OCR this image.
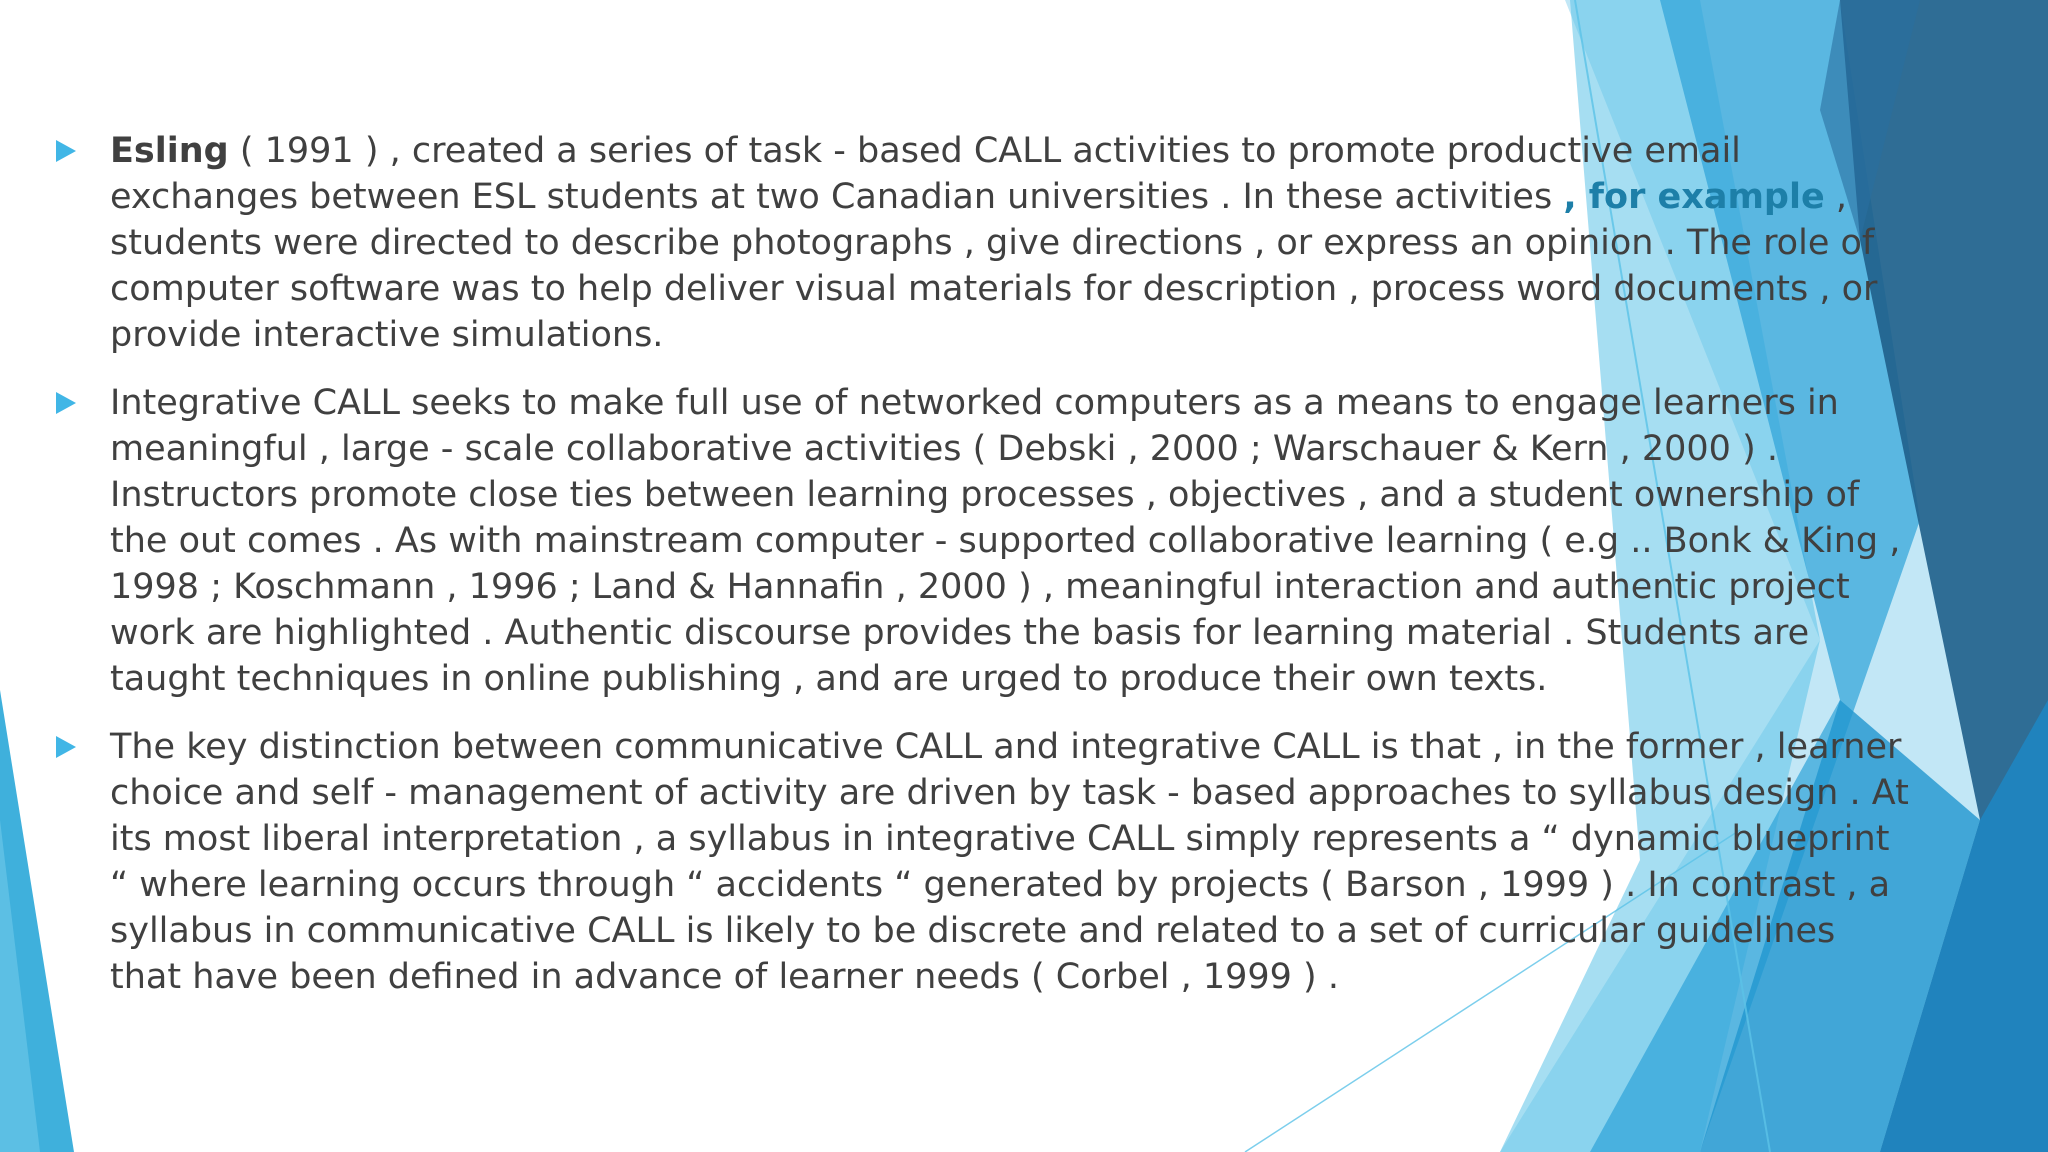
Esling ( 1991 ) , created a series of task - based CALL activities to promote productive email exchanges between ESL students at two Canadian universities . In these activities , for example , students were directed to describe photographs , give directions , or express an opinion . The role of computer software was to help deliver visual materials for description , process word documents , or provide interactive simulations.
Integrative CALL seeks to make full use of networked computers as a means to engage learners in meaningful , large - scale collaborative activities ( Debski , 2000 ; Warschauer & Kern , 2000 ) . Instructors promote close ties between learning processes , objectives , and a student ownership of the out comes . As with mainstream computer - supported collaborative learning ( e.g .. Bonk & King , 1998 ; Koschmann , 1996 ; Land & Hannafin , 2000 ) , meaningful interaction and authentic project work are highlighted . Authentic discourse provides the basis for learning material . Students are taught techniques in online publishing , and are urged to produce their own texts.
The key distinction between communicative CALL and integrative CALL is that , in the former , learner choice and self - management of activity are driven by task - based approaches to syllabus design . At its most liberal interpretation , a syllabus in integrative CALL simply represents a “ dynamic blueprint “ where learning occurs through “ accidents “ generated by projects ( Barson , 1999 ) . In contrast , a syllabus in communicative CALL is likely to be discrete and related to a set of curricular guidelines that have been defined in advance of learner needs ( Corbel , 1999 ) .
